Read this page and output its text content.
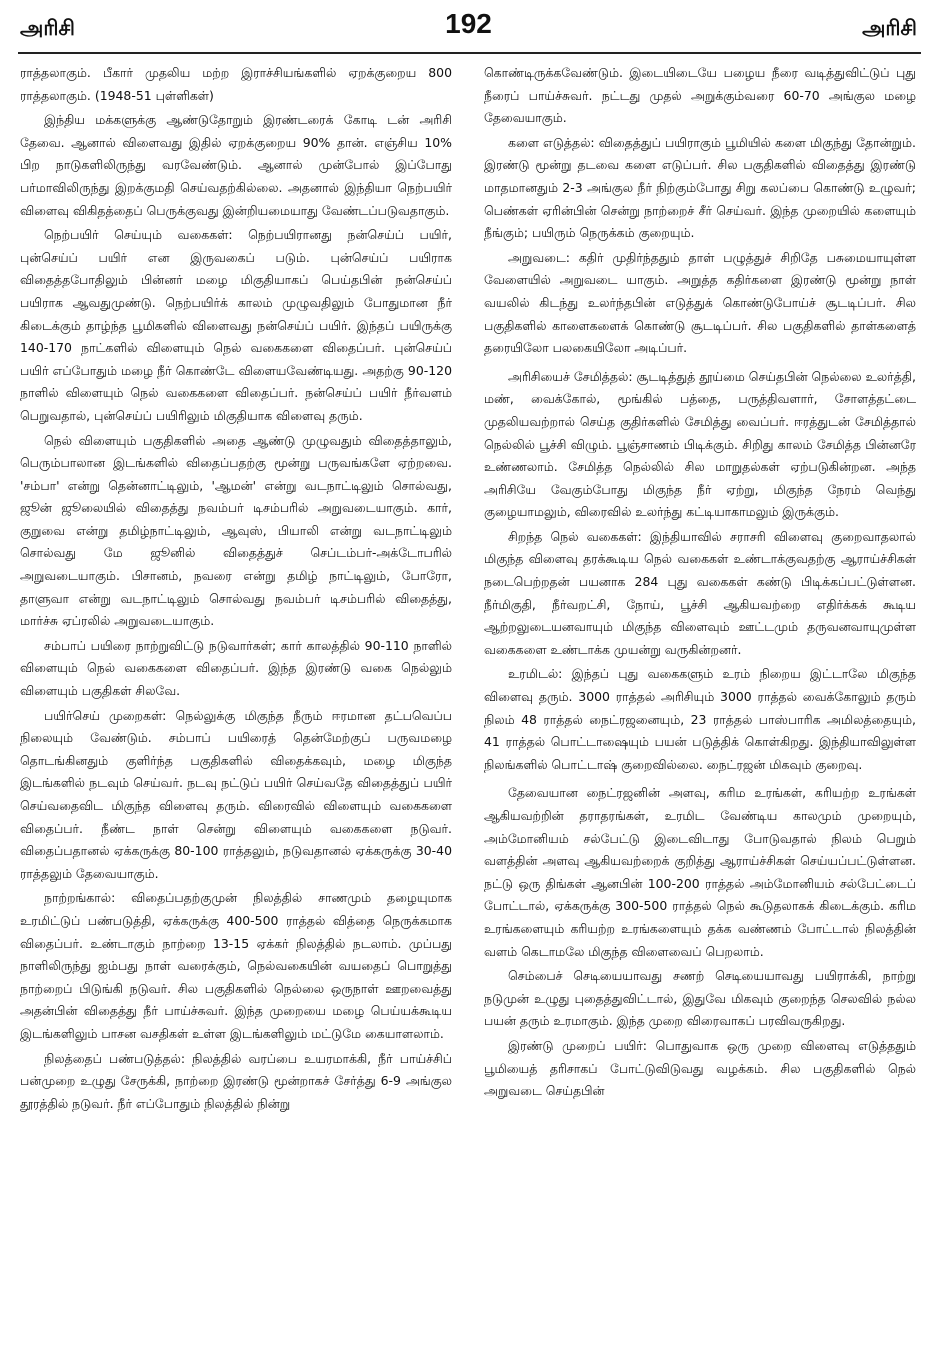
அரிசி	192	அரிசி

ராத்தலாகும். பீகார் முதலிய மற்ற இராச்சியங்களில் ஏறக்குறைய 800 ராத்தலாகும். (1948-51 புள்ளிகள்)

இந்திய மக்களுக்கு ஆண்டுதோறும் இரண்டரைக் கோடி டன் அரிசி தேவை. ஆனால் விளைவது இதில் ஏறக்குறைய 90% தான். எஞ்சிய 10% பிற நாடுகளிலிருந்து வரவேண்டும். ஆனால் முன்போல் இப்போது பர்மாவிலிருந்து இறக்குமதி செய்வதற்கில்லை. அதனால் இந்தியா நெற்பயிர் விளைவு விகிதத்தைப் பெருக்குவது இன்றியமையாது வேண்டப்படுவதாகும்.

நெற்பயிர் செய்யும் வகைகள்: நெற்பயிரானது நன்செய்ப் பயிர், புன்செய்ப் பயிர் என இருவகைப் படும். புன்செய்ப் பயிராக விதைத்தபோதிலும் பின்னர் மழை மிகுதியாகப் பெய்தபின் நன்செய்ப் பயிராக ஆவதுமுண்டு. நெற்பயிர்க் காலம் முழுவதிலும் போதுமான நீர் கிடைக்கும் தாழ்ந்த பூமிகளில் விளைவது நன்செய்ப் பயிர். இந்தப் பயிருக்கு 140-170 நாட்களில் விளையும் நெல் வகைகளை விதைப்பர். புன்செய்ப் பயிர் எப்போதும் மழை நீர் கொண்டே விளையவேண்டியது. அதற்கு 90-120 நாளில் விளையும் நெல் வகைகளை விதைப்பர். நன்செய்ப் பயிர் நீர்வளம் பெறுவதால், புன்செய்ப் பயிரிலும் மிகுதியாக விளைவு தரும்.

நெல் விளையும் பகுதிகளில் அதை ஆண்டு முழுவதும் விதைத்தாலும், பெரும்பாலான இடங்களில் விதைப்பதற்கு மூன்று பருவங்களே ஏற்றவை. 'சம்பா' என்று தென்னாட்டிலும், 'ஆமன்' என்று வடநாட்டிலும் சொல்வது, ஜூன் ஜூலையில் விதைத்து நவம்பர் டிசம்பரில் அறுவடையாகும். கார், குறுவை என்று தமிழ்நாட்டிலும், ஆவுஸ், பியாலி என்று வடநாட்டிலும் சொல்வது மே ஜூனில் விதைத்துச் செப்டம்பர்-அக்டோபரில் அறுவடையாகும். பிசானம், நவரை என்று தமிழ் நாட்டிலும், போரோ, தாளுவா என்று வடநாட்டிலும் சொல்வது நவம்பர் டிசம்பரில் விதைத்து, மார்ச்சு ஏப்ரலில் அறுவடையாகும்.

சம்பாப் பயிரை நாற்றுவிட்டு நடுவார்கள்; கார் காலத்தில் 90-110 நாளில் விளையும் நெல் வகைகளை விதைப்பர். இந்த இரண்டு வகை நெல்லும் விளையும் பகுதிகள் சிலவே.

பயிர்செய் முறைகள்: நெல்லுக்கு மிகுந்த நீரும் ஈரமான தட்பவெப்ப நிலையும் வேண்டும். சம்பாப் பயிரைத் தென்மேற்குப் பருவமழை தொடங்கினதும் குளிர்ந்த பகுதிகளில் விதைக்கவும், மழை மிகுந்த இடங்களில் நடவும் செய்வர். நடவு நட்டுப் பயிர் செய்வதே விதைத்துப் பயிர் செய்வதைவிட மிகுந்த விளைவு தரும். விரைவில் விளையும் வகைகளை விதைப்பர். நீண்ட நாள் சென்று விளையும் வகைகளை நடுவர். விதைப்பதானல் ஏக்கருக்கு 80-100 ராத்தலும், நடுவதானல் ஏக்கருக்கு 30-40 ராத்தலும் தேவையாகும்.

நாற்றங்கால்: விதைப்பதற்குமுன் நிலத்தில் சாணமும் தழையுமாக உரமிட்டுப் பண்படுத்தி, ஏக்கருக்கு 400-500 ராத்தல் வித்தை நெருக்கமாக விதைப்பர். உண்டாகும் நாற்றை 13-15 ஏக்கர் நிலத்தில் நடலாம். முப்பது நாளிலிருந்து ஐம்பது நாள் வரைக்கும், நெல்வகையின் வயதைப் பொறுத்து நாற்றைப் பிடுங்கி நடுவர். சில பகுதிகளில் நெல்லை ஒருநாள் ஊறவைத்து அதன்பின் விதைத்து நீர் பாய்ச்சுவர். இந்த முறையை மழை பெய்யக்கூடிய இடங்களிலும் பாசன வசதிகள் உள்ள இடங்களிலும் மட்டுமே கையாளலாம்.

நிலத்தைப் பண்படுத்தல்: நிலத்தில் வரப்பை உயரமாக்கி, நீர் பாய்ச்சிப் பன்முறை உழுது சேருக்கி, நாற்றை இரண்டு மூன்றாகச் சேர்த்து 6-9 அங்குல தூரத்தில் நடுவர். நீர் எப்போதும் நிலத்தில் நின்று

கொண்டிருக்கவேண்டும். இடையிடையே பழைய நீரை வடித்துவிட்டுப் புது நீரைப் பாய்ச்சுவர். நட்டது முதல் அறுக்கும்வரை 60-70 அங்குல மழை தேவையாகும்.

களை எடுத்தல்: விதைத்துப் பயிராகும் பூமியில் களை மிகுந்து தோன்றும். இரண்டு மூன்று தடவை களை எடுப்பர். சில பகுதிகளில் விதைத்து இரண்டு மாதமானதும் 2-3 அங்குல நீர் நிற்கும்போது சிறு கலப்பை கொண்டு உழுவர்; பெண்கள் ஏரின்பின் சென்று நாற்றைச் சீர் செய்வர். இந்த முறையில் களையும் நீங்கும்; பயிரும் நெருக்கம் குறையும்.

அறுவடை: கதிர் முதிர்ந்ததும் தாள் பழுத்துச் சிறிதே பசுமையாயுள்ள வேளையில் அறுவடை யாகும். அறுத்த கதிர்களை இரண்டு மூன்று நாள் வயலில் கிடந்து உலர்ந்தபின் எடுத்துக் கொண்டுபோய்ச் சூடடிப்பர். சில பகுதிகளில் காளைகளைக் கொண்டு சூடடிப்பர். சில பகுதிகளில் தாள்களைத் தரையிலோ பலகையிலோ அடிப்பர்.

அரிசியைச் சேமித்தல்: சூடடித்துத் தூய்மை செய்தபின் நெல்லை உலர்த்தி, மண், வைக்கோல், மூங்கில் பத்தை, பருத்திவளார், சோளத்தட்டை முதலியவற்றால் செய்த குதிர்களில் சேமித்து வைப்பர். ஈரத்துடன் சேமித்தால் நெல்லில் பூச்சி விழும். பூஞ்சாணம் பிடிக்கும். சிறிது காலம் சேமித்த பின்னரே உண்ணலாம். சேமித்த நெல்லில் சில மாறுதல்கள் ஏற்படுகின்றன. அந்த அரிசியே வேகும்போது மிகுந்த நீர் ஏற்று, மிகுந்த நேரம் வெந்து குழையாமலும், விரைவில் உலர்ந்து கட்டியாகாமலும் இருக்கும்.

சிறந்த நெல் வகைகள்: இந்தியாவில் சராசரி விளைவு குறைவாதலால் மிகுந்த விளைவு தரக்கூடிய நெல் வகைகள் உண்டாக்குவதற்கு ஆராய்ச்சிகள் நடைபெற்றதன் பயனாக 284 புது வகைகள் கண்டு பிடிக்கப்பட்டுள்ளன. நீர்மிகுதி, நீர்வறட்சி, நோய், பூச்சி ஆகியவற்றை எதிர்க்கக் கூடிய ஆற்றலுடையனவாயும் மிகுந்த விளைவும் ஊட்டமும் தருவனவாயுமுள்ள வகைகளை உண்டாக்க முயன்று வருகின்றனர்.

உரமிடல்: இந்தப் புது வகைகளும் உரம் நிறைய இட்டாலே மிகுந்த விளைவு தரும். 3000 ராத்தல் அரிசியும் 3000 ராத்தல் வைக்கோலும் தரும் நிலம் 48 ராத்தல் நைட்ரஜனையும், 23 ராத்தல் பாஸ்பாரிக அமிலத்தையும், 41 ராத்தல் பொட்டாஷையும் பயன் படுத்திக் கொள்கிறது. இந்தியாவிலுள்ள நிலங்களில் பொட்டாஷ் குறைவில்லை. நைட்ரஜன் மிகவும் குறைவு.

தேவையான நைட்ரஜனின் அளவு, கரிம உரங்கள், கரியற்ற உரங்கள் ஆகியவற்றின் தராதரங்கள், உரமிட வேண்டிய காலமும் முறையும், அம்மோனியம் சல்பேட்டு இடைவிடாது போடுவதால் நிலம் பெறும் வளத்தின் அளவு ஆகியவற்றைக் குறித்து ஆராய்ச்சிகள் செய்யப்பட்டுள்ளன. நட்டு ஒரு திங்கள் ஆனபின் 100-200 ராத்தல் அம்மோனியம் சல்பேட்டைப் போட்டால், ஏக்கருக்கு 300-500 ராத்தல் நெல் கூடுதலாகக் கிடைக்கும். கரிம உரங்களையும் கரியற்ற உரங்களையும் தக்க வண்ணம் போட்டால் நிலத்தின் வளம் கெடாமலே மிகுந்த விளைவைப் பெறலாம்.

செம்பைச் செடியையாவது சணற் செடியையாவது பயிராக்கி, நாற்று நடுமுன் உழுது புதைத்துவிட்டால், இதுவே மிகவும் குறைந்த செலவில் நல்ல பயன் தரும் உரமாகும். இந்த முறை விரைவாகப் பரவிவருகிறது.

இரண்டு முறைப் பயிர்: பொதுவாக ஒரு முறை விளைவு எடுத்ததும் பூமியைத் தரிசாகப் போட்டுவிடுவது வழக்கம். சில பகுதிகளில் நெல் அறுவடை செய்தபின்
